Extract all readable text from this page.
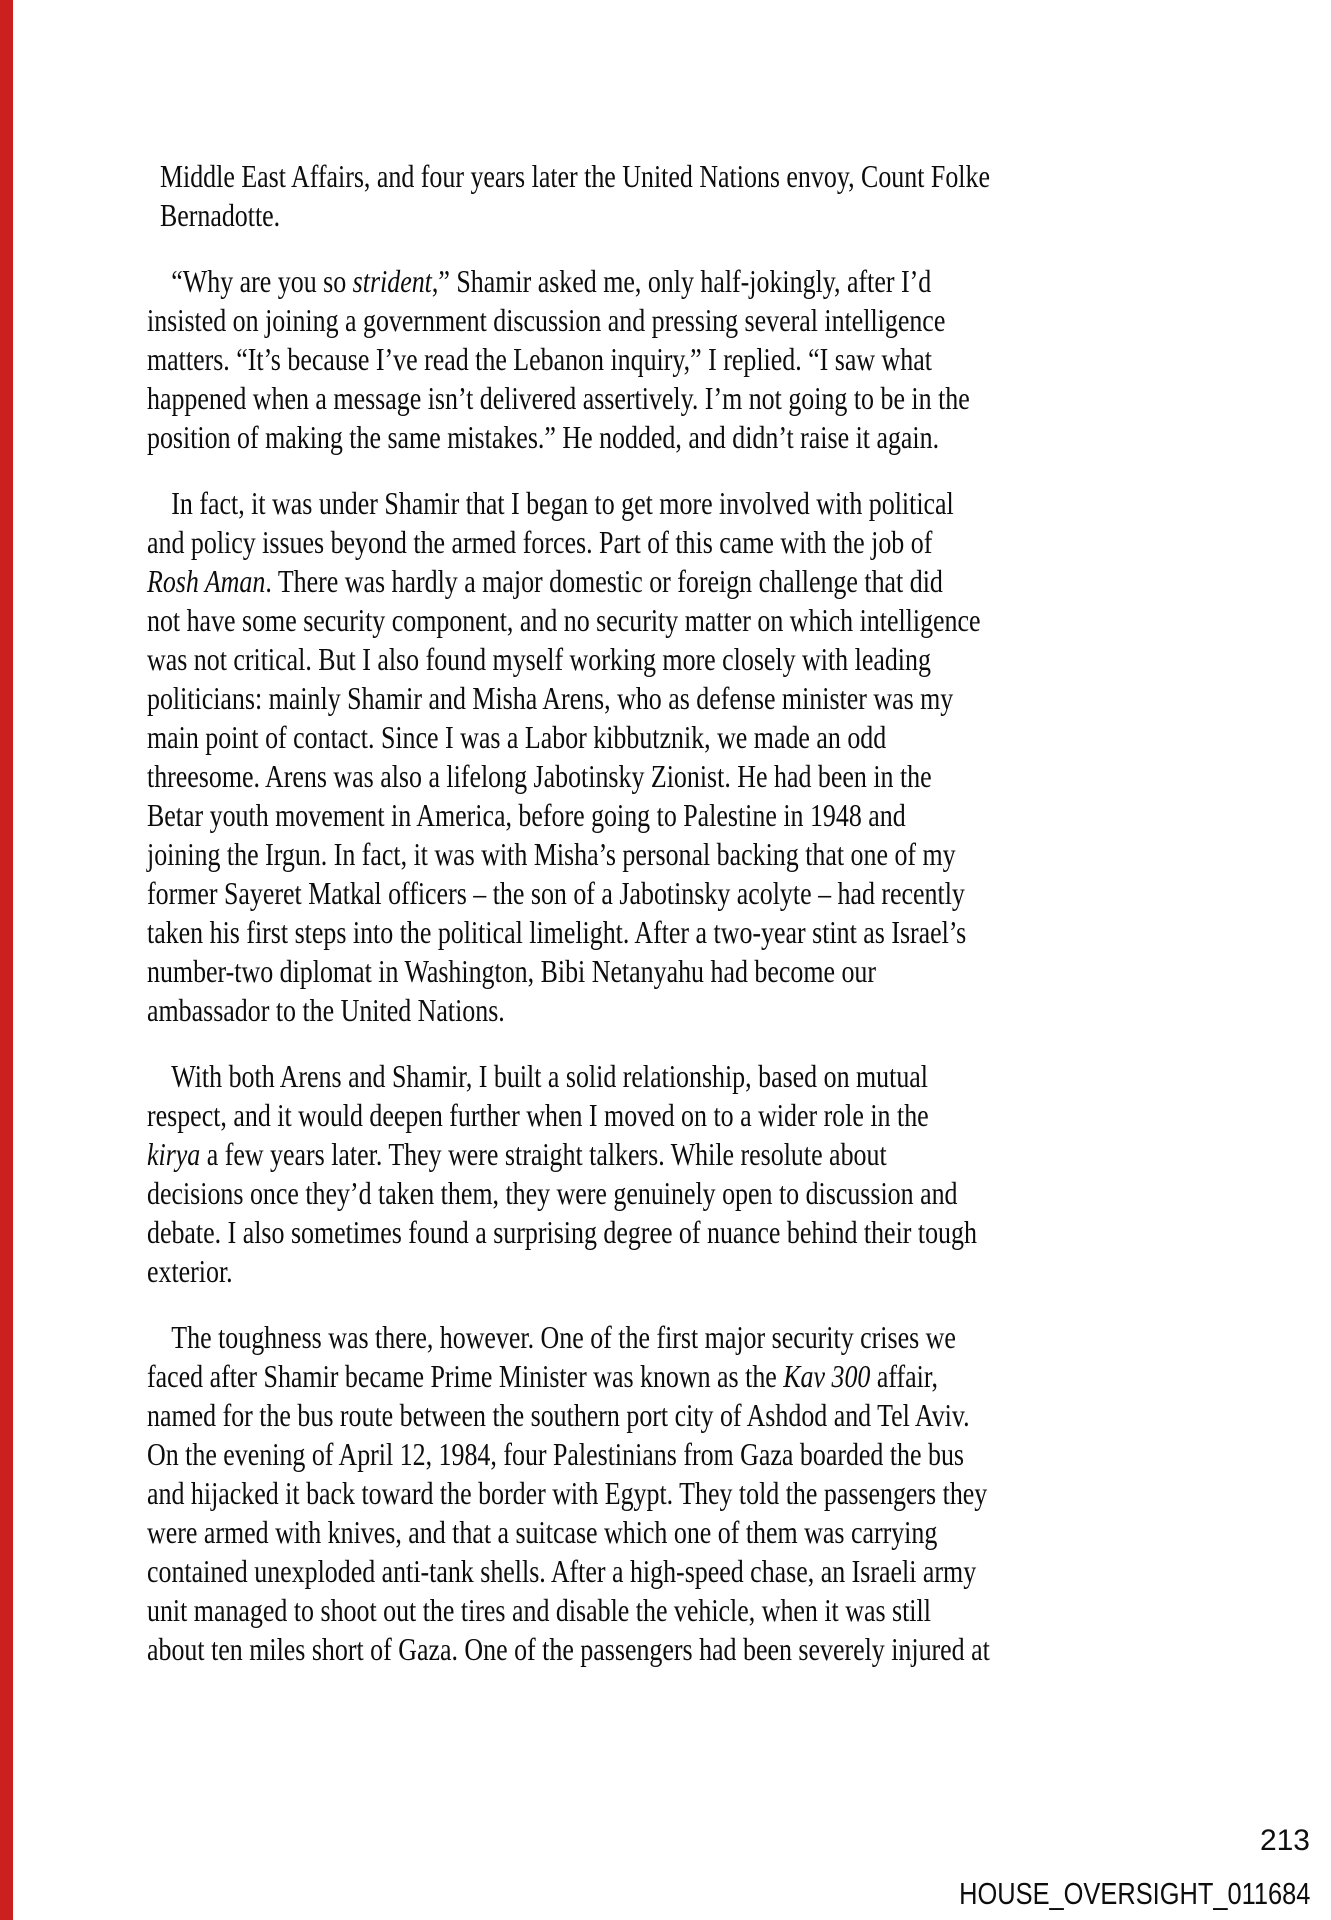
Middle East Affairs, and four years later the United Nations envoy, Count Folke
Bernadotte.

“Why are you so strident,” Shamir asked me, only half-jokingly, after I’d
insisted on joining a government discussion and pressing several intelligence
matters. “It’s because I’ve read the Lebanon inquiry,” I replied. “I saw what
happened when a message isn’t delivered assertively. I’m not going to be in the
position of making the same mistakes.” He nodded, and didn’t raise it again.

In fact, it was under Shamir that I began to get more involved with political
and policy issues beyond the armed forces. Part of this came with the job of
Rosh Aman. There was hardly a major domestic or foreign challenge that did
not have some security component, and no security matter on which intelligence
was not critical. But I also found myself working more closely with leading
politicians: mainly Shamir and Misha Arens, who as defense minister was my
main point of contact. Since I was a Labor kibbutznik, we made an odd
threesome. Arens was also a lifelong Jabotinsky Zionist. He had been in the
Betar youth movement in America, before going to Palestine in 1948 and
joining the Irgun. In fact, it was with Misha’s personal backing that one of my
former Sayeret Matkal officers – the son of a Jabotinsky acolyte – had recently
taken his first steps into the political limelight. After a two-year stint as Israel’s
number-two diplomat in Washington, Bibi Netanyahu had become our
ambassador to the United Nations.

With both Arens and Shamir, I built a solid relationship, based on mutual
respect, and it would deepen further when I moved on to a wider role in the
kirya a few years later. They were straight talkers. While resolute about
decisions once they’d taken them, they were genuinely open to discussion and
debate. I also sometimes found a surprising degree of nuance behind their tough
exterior.

The toughness was there, however. One of the first major security crises we
faced after Shamir became Prime Minister was known as the Kav 300 affair,
named for the bus route between the southern port city of Ashdod and Tel Aviv.
On the evening of April 12, 1984, four Palestinians from Gaza boarded the bus
and hijacked it back toward the border with Egypt. They told the passengers they
were armed with knives, and that a suitcase which one of them was carrying
contained unexploded anti-tank shells. After a high-speed chase, an Israeli army
unit managed to shoot out the tires and disable the vehicle, when it was still
about ten miles short of Gaza. One of the passengers had been severely injured at

213
HOUSE_OVERSIGHT_011684
